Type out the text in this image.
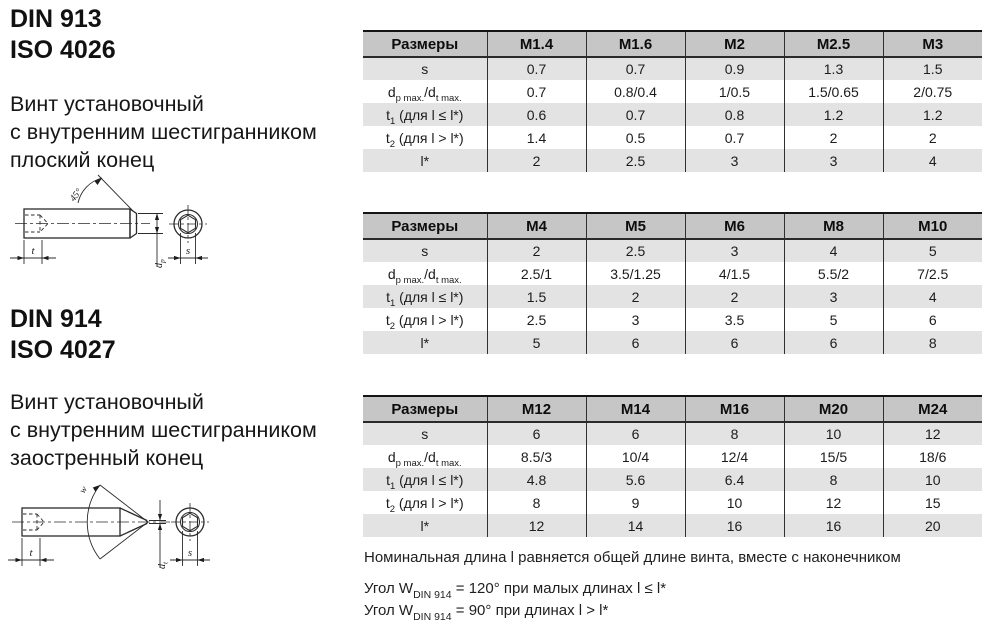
DIN 913
ISO 4026
Винт установочный
с внутренним шестигранником
плоский конец
45°
t
$d_p$
s
DIN 914
ISO 4027
Винт установочный
с внутренним шестигранником
заостренный конец
w
t
$d_t$
s
Размеры	M1.4	M1.6	M2	M2.5	M3
s	0.7	0.7	0.9	1.3	1.5
$d_{p max.}/d_{t max.}$	0.7	0.8/0.4	1/0.5	1.5/0.65	2/0.75
$t_1$ (для l ≤ l*)	0.6	0.7	0.8	1.2	1.2
$t_2$ (для l > l*)	1.4	0.5	0.7	2	2
l*	2	2.5	3	3	4
Размеры	M4	M5	M6	M8	M10
s	2	2.5	3	4	5
$d_{p max.}/d_{t max.}$	2.5/1	3.5/1.25	4/1.5	5.5/2	7/2.5
$t_1$ (для l ≤ l*)	1.5	2	2	3	4
$t_2$ (для l > l*)	2.5	3	3.5	5	6
l*	5	6	6	6	8
Размеры	M12	M14	M16	M20	M24
s	6	6	8	10	12
$d_{p max.}/d_{t max.}$	8.5/3	10/4	12/4	15/5	18/6
$t_1$ (для l ≤ l*)	4.8	5.6	6.4	8	10
$t_2$ (для l > l*)	8	9	10	12	15
l*	12	14	16	16	20

Номинальная длина l равняется общей длине винта, вместе с наконечником

Угол $W_{DIN 914} = 120^\circ$ при малых длинах l ≤ l*

Угол $W_{DIN 914} = 90^\circ$ при длинах l > l*
